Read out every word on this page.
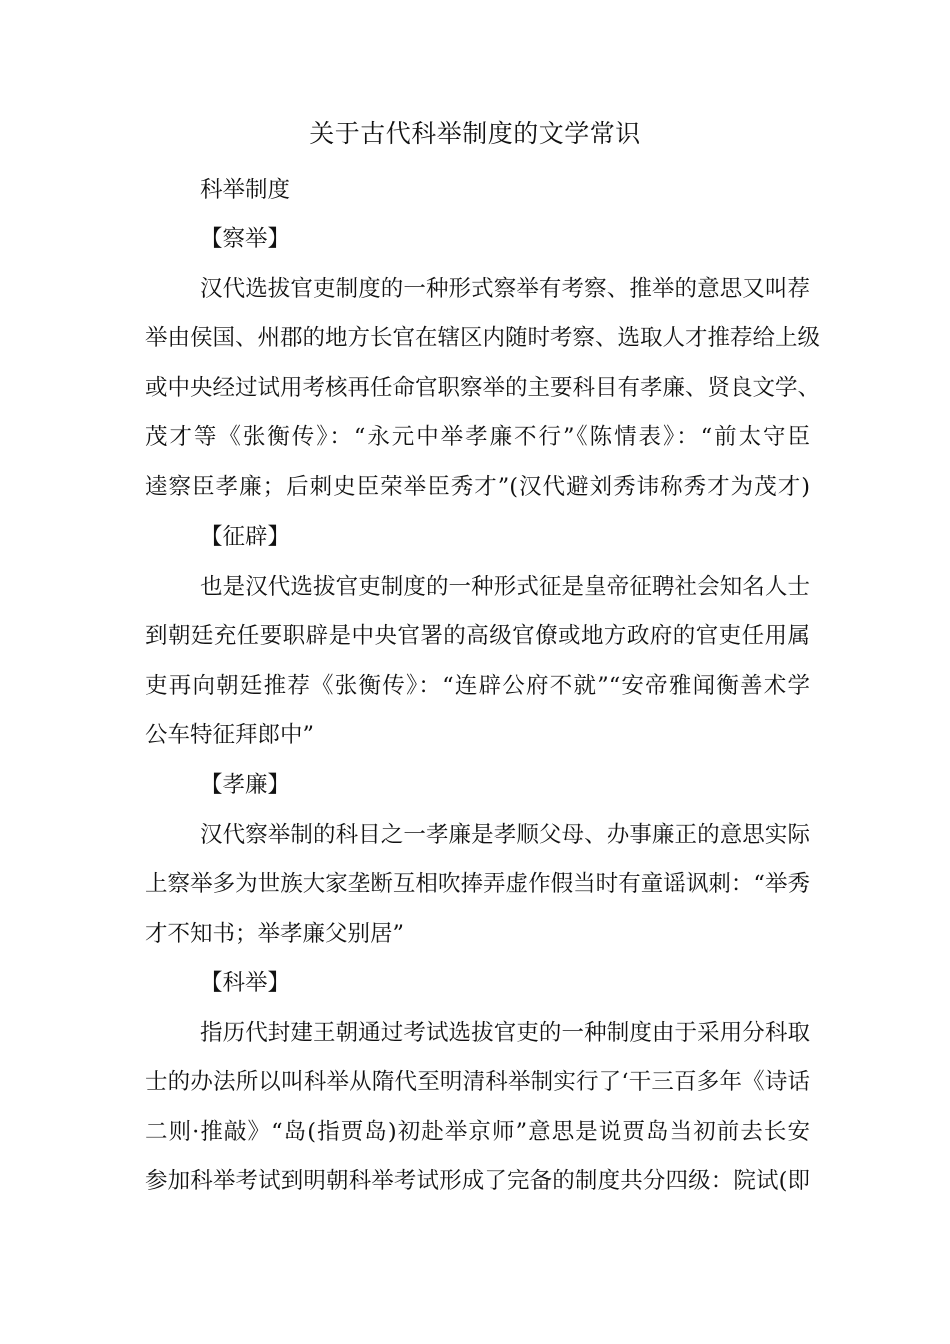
关于古代科举制度的文学常识
科举制度
【察举】
汉代选拔官吏制度的一种形式察举有考察、推举的意思又叫荐
举由侯国、州郡的地方长官在辖区内随时考察、选取人才推荐给上级
或中央经过试用考核再任命官职察举的主要科目有孝廉、贤良文学、
茂才等《张衡传》：“永元中举孝廉不行”《陈情表》：“前太守臣
逵察臣孝廉；后刺史臣荣举臣秀才”(汉代避刘秀讳称秀才为茂才)
【征辟】
也是汉代选拔官吏制度的一种形式征是皇帝征聘社会知名人士
到朝廷充任要职辟是中央官署的高级官僚或地方政府的官吏任用属
吏再向朝廷推荐《张衡传》：“连辟公府不就”“安帝雅闻衡善术学
公车特征拜郎中”
【孝廉】
汉代察举制的科目之一孝廉是孝顺父母、办事廉正的意思实际
上察举多为世族大家垄断互相吹捧弄虚作假当时有童谣讽刺：“举秀
才不知书；举孝廉父别居”
【科举】
指历代封建王朝通过考试选拔官吏的一种制度由于采用分科取
士的办法所以叫科举从隋代至明清科举制实行了‘干三百多年《诗话
二则·推敲》“岛(指贾岛)初赴举京师”意思是说贾岛当初前去长安
参加科举考试到明朝科举考试形成了完备的制度共分四级：院试(即
